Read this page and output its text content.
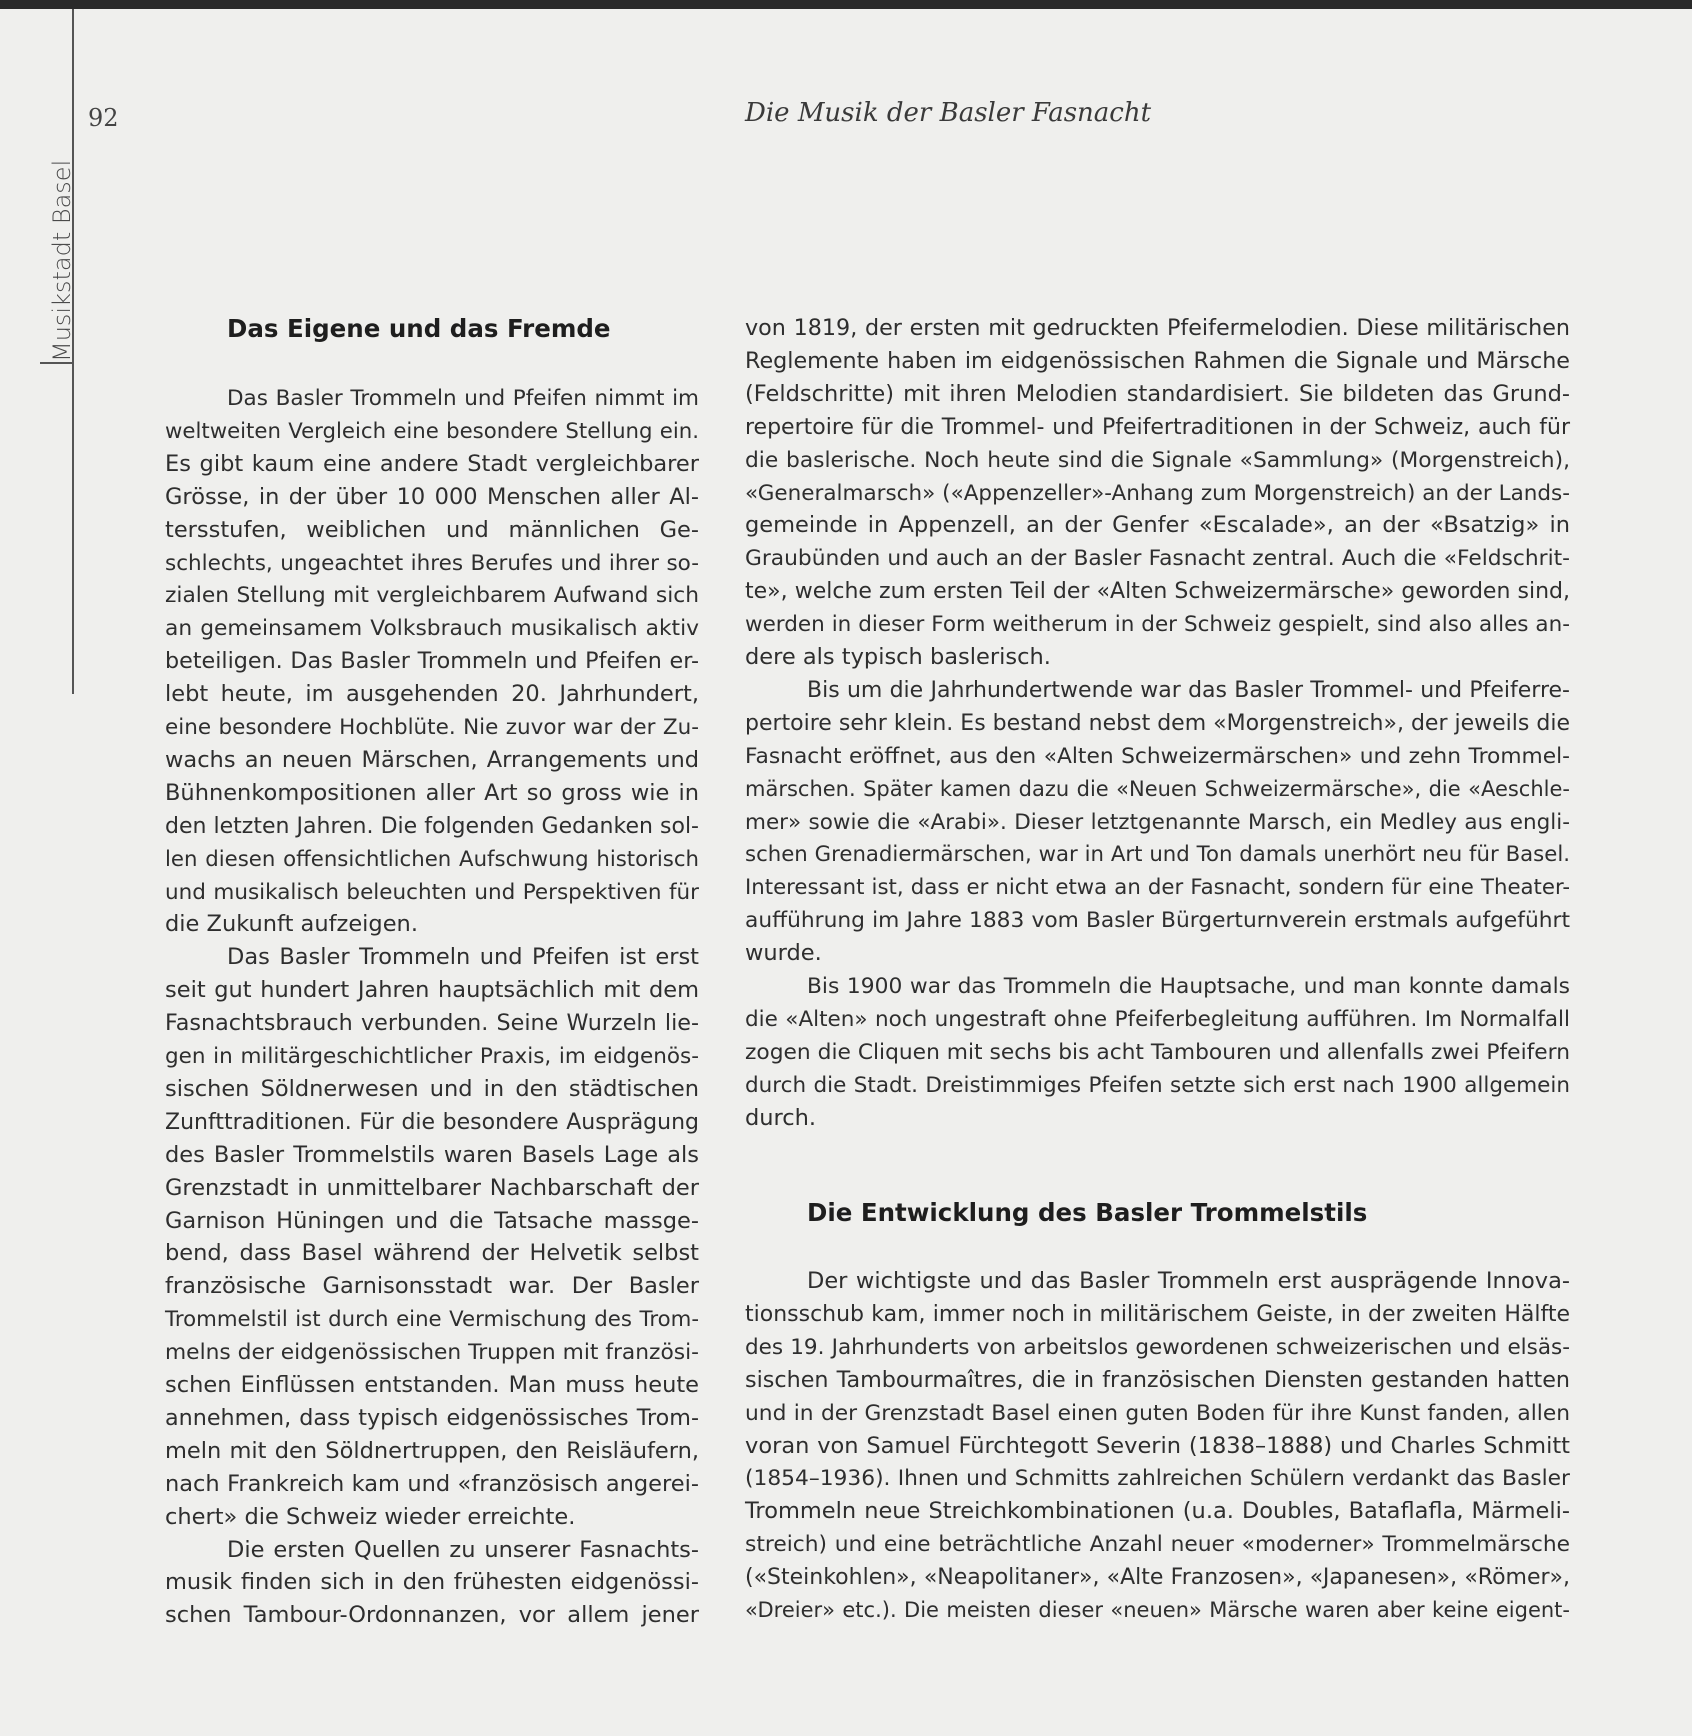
Musikstadt Basel
92	Die Musik der Basler Fasnacht
Das Eigene und das Fremde
Das Basler Trommeln und Pfeifen nimmt im
weltweiten Vergleich eine besondere Stellung ein.
Es gibt kaum eine andere Stadt vergleichbarer
Grösse, in der über 10 000 Menschen aller Al-
tersstufen, weiblichen und männlichen Ge-
schlechts, ungeachtet ihres Berufes und ihrer so-
zialen Stellung mit vergleichbarem Aufwand sich
an gemeinsamem Volksbrauch musikalisch aktiv
beteiligen. Das Basler Trommeln und Pfeifen er-
lebt heute, im ausgehenden 20. Jahrhundert,
eine besondere Hochblüte. Nie zuvor war der Zu-
wachs an neuen Märschen, Arrangements und
Bühnenkompositionen aller Art so gross wie in
den letzten Jahren. Die folgenden Gedanken sol-
len diesen offensichtlichen Aufschwung historisch
und musikalisch beleuchten und Perspektiven für
die Zukunft aufzeigen.
Das Basler Trommeln und Pfeifen ist erst
seit gut hundert Jahren hauptsächlich mit dem
Fasnachtsbrauch verbunden. Seine Wurzeln lie-
gen in militärgeschichtlicher Praxis, im eidgenös-
sischen Söldnerwesen und in den städtischen
Zunfttraditionen. Für die besondere Ausprägung
des Basler Trommelstils waren Basels Lage als
Grenzstadt in unmittelbarer Nachbarschaft der
Garnison Hüningen und die Tatsache massge-
bend, dass Basel während der Helvetik selbst
französische Garnisonsstadt war. Der Basler
Trommelstil ist durch eine Vermischung des Trom-
melns der eidgenössischen Truppen mit französi-
schen Einflüssen entstanden. Man muss heute
annehmen, dass typisch eidgenössisches Trom-
meln mit den Söldnertruppen, den Reisläufern,
nach Frankreich kam und «französisch angerei-
chert» die Schweiz wieder erreichte.
Die ersten Quellen zu unserer Fasnachts-
musik finden sich in den frühesten eidgenössi-
schen Tambour-Ordonnanzen, vor allem jener
von 1819, der ersten mit gedruckten Pfeifermelodien. Diese militärischen
Reglemente haben im eidgenössischen Rahmen die Signale und Märsche
(Feldschritte) mit ihren Melodien standardisiert. Sie bildeten das Grund-
repertoire für die Trommel- und Pfeifertraditionen in der Schweiz, auch für
die baslerische. Noch heute sind die Signale «Sammlung» (Morgenstreich),
«Generalmarsch» («Appenzeller»-Anhang zum Morgenstreich) an der Lands-
gemeinde in Appenzell, an der Genfer «Escalade», an der «Bsatzig» in
Graubünden und auch an der Basler Fasnacht zentral. Auch die «Feldschrit-
te», welche zum ersten Teil der «Alten Schweizermärsche» geworden sind,
werden in dieser Form weitherum in der Schweiz gespielt, sind also alles an-
dere als typisch baslerisch.
Bis um die Jahrhundertwende war das Basler Trommel- und Pfeiferre-
pertoire sehr klein. Es bestand nebst dem «Morgenstreich», der jeweils die
Fasnacht eröffnet, aus den «Alten Schweizermärschen» und zehn Trommel-
märschen. Später kamen dazu die «Neuen Schweizermärsche», die «Aeschle-
mer» sowie die «Arabi». Dieser letztgenannte Marsch, ein Medley aus engli-
schen Grenadiermärschen, war in Art und Ton damals unerhört neu für Basel.
Interessant ist, dass er nicht etwa an der Fasnacht, sondern für eine Theater-
aufführung im Jahre 1883 vom Basler Bürgerturnverein erstmals aufgeführt
wurde.
Bis 1900 war das Trommeln die Hauptsache, und man konnte damals
die «Alten» noch ungestraft ohne Pfeiferbegleitung aufführen. Im Normalfall
zogen die Cliquen mit sechs bis acht Tambouren und allenfalls zwei Pfeifern
durch die Stadt. Dreistimmiges Pfeifen setzte sich erst nach 1900 allgemein
durch.
Die Entwicklung des Basler Trommelstils
Der wichtigste und das Basler Trommeln erst ausprägende Innova-
tionsschub kam, immer noch in militärischem Geiste, in der zweiten Hälfte
des 19. Jahrhunderts von arbeitslos gewordenen schweizerischen und elsäs-
sischen Tambourmaîtres, die in französischen Diensten gestanden hatten
und in der Grenzstadt Basel einen guten Boden für ihre Kunst fanden, allen
voran von Samuel Fürchtegott Severin (1838–1888) und Charles Schmitt
(1854–1936). Ihnen und Schmitts zahlreichen Schülern verdankt das Basler
Trommeln neue Streichkombinationen (u.a. Doubles, Bataflafla, Märmeli-
streich) und eine beträchtliche Anzahl neuer «moderner» Trommelmärsche
(«Steinkohlen», «Neapolitaner», «Alte Franzosen», «Japanesen», «Römer»,
«Dreier» etc.). Die meisten dieser «neuen» Märsche waren aber keine eigent-
